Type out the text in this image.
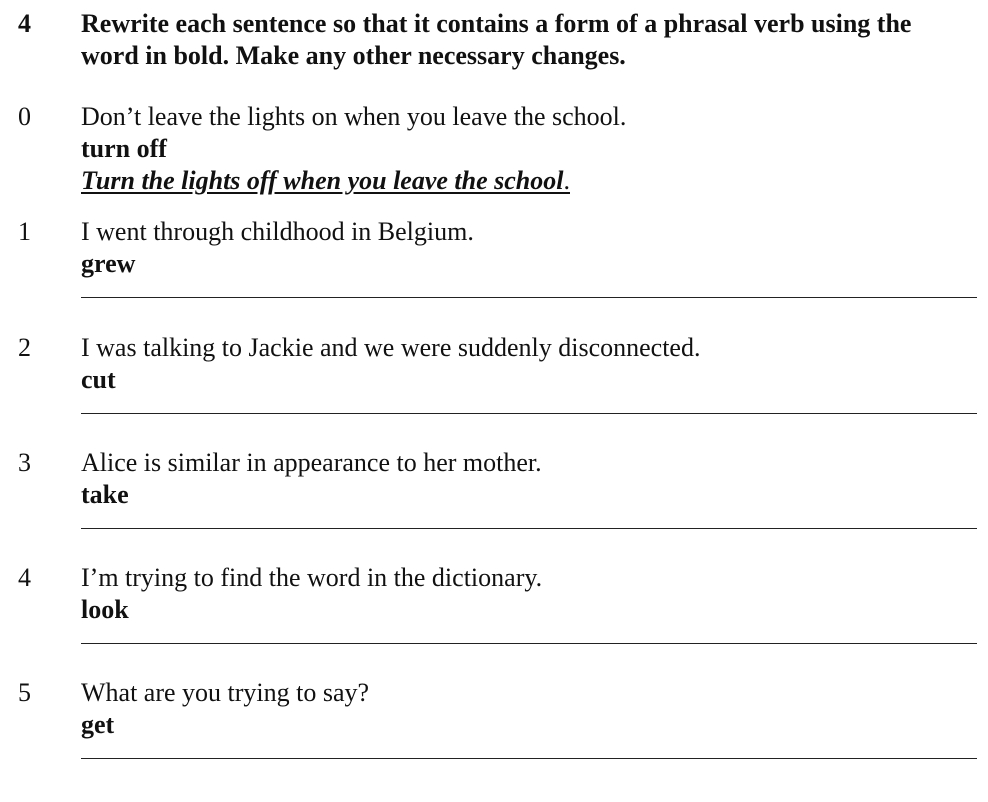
4 Rewrite each sentence so that it contains a form of a phrasal verb using the
word in bold. Make any other necessary changes.
0 Don’t leave the lights on when you leave the school.
turn off
Turn the lights off when you leave the school.
1 I went through childhood in Belgium.
grew
2 I was talking to Jackie and we were suddenly disconnected.
cut
3 Alice is similar in appearance to her mother.
take
4 I’m trying to find the word in the dictionary.
look
5 What are you trying to say?
get
